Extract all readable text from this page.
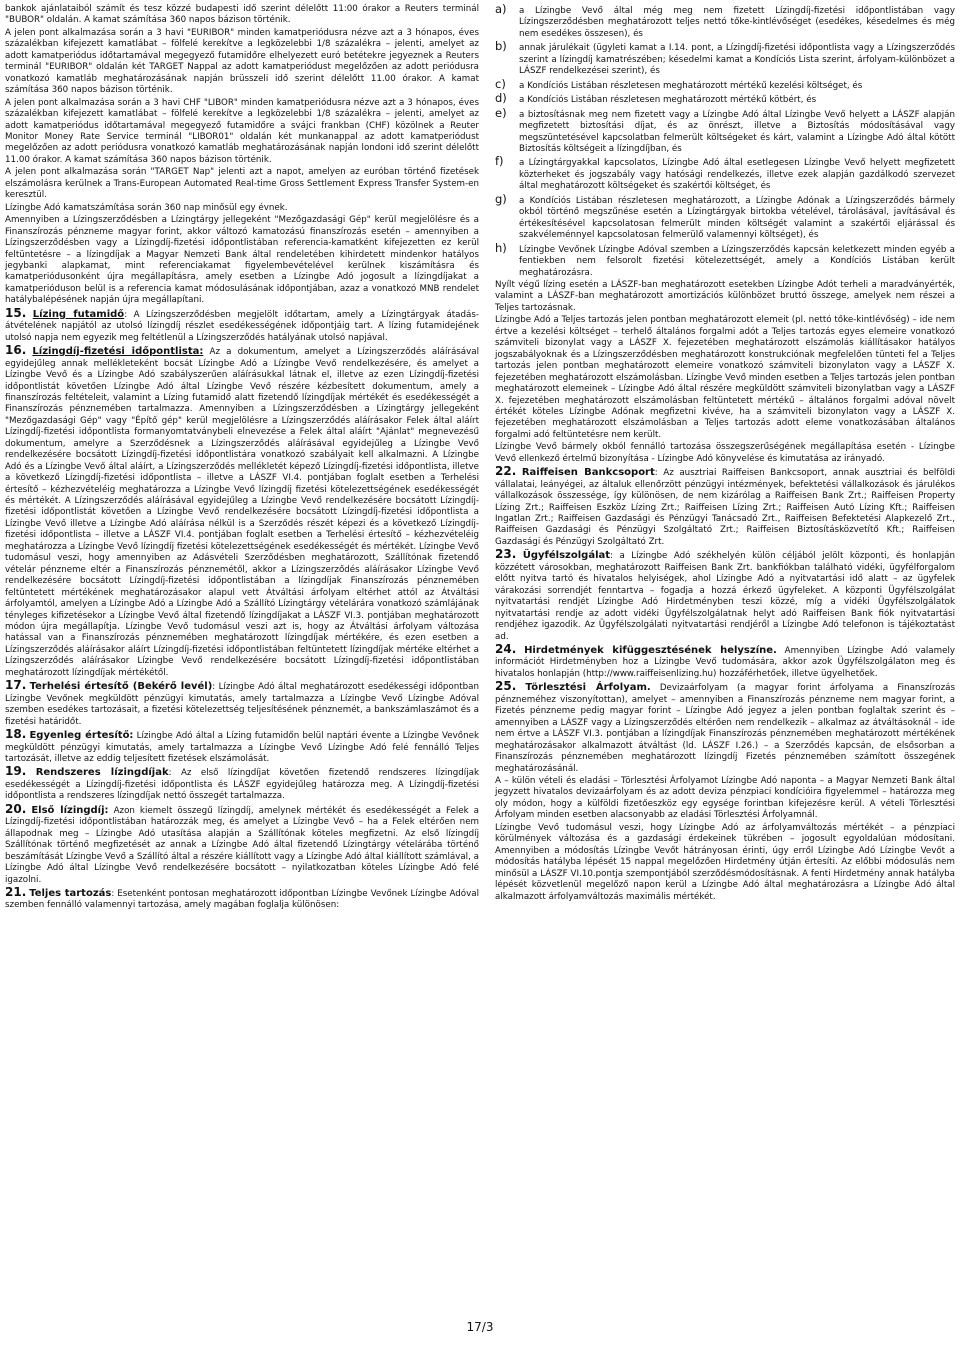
bankok ajánlataiból számít és tesz közzé budapesti idő szerint délelőtt 11:00 órakor a Reuters terminál "BUBOR" oldalán. A kamat számítása 360 napos bázison történik.

A jelen pont alkalmazása során a 3 havi "EURIBOR" minden kamatperiódusra nézve azt a 3 hónapos, éves százalékban kifejezett kamatlábat – fölfelé kerekítve a legközelebbi 1/8 százalékra – jelenti, amelyet az adott kamatperiódus időtartamával megegyező futamidőre elhelyezett euró betétekre jegyeznek a Reuters terminál "EURIBOR" oldalán két TARGET Nappal az adott kamatperiódust megelőzően az adott periódusra vonatkozó kamatláb meghatározásának napján brüsszeli idő szerint délelőtt 11.00 órakor. A kamat számítása 360 napos bázison történik.

A jelen pont alkalmazása során a 3 havi CHF "LIBOR" minden kamatperiódusra nézve azt a 3 hónapos, éves százalékban kifejezett kamatlábat – fölfelé kerekítve a legközelebbi 1/8 százalékra – jelenti, amelyet az adott kamatperiódus időtartamával megegyező futamidőre a svájci frankban (CHF) közölnek a Reuter Monitor Money Rate Service terminál "LIBOR01" oldalán két munkanappal az adott kamatperiódust megelőzően az adott periódusra vonatkozó kamatláb meghatározásának napján londoni idő szerint délelőtt 11.00 órakor. A kamat számítása 360 napos bázison történik.

A jelen pont alkalmazása során "TARGET Nap" jelenti azt a napot, amelyen az euróban történő fizetések elszámolásra kerülnek a Trans-European Automated Real-time Gross Settlement Express Transfer System-en keresztül.

Lízingbe Adó kamatszámítása során 360 nap minősül egy évnek.

Amennyiben a Lízingszerződésben a Lízingtárgy jellegeként "Mezőgazdasági Gép" kerül megjelölésre és a Finanszírozás pénzneme magyar forint, akkor változó kamatozású finanszírozás esetén – amennyiben a Lízingszerződésben vagy a Lízingdíj-fizetési időpontlistában referencia-kamatként kifejezetten ez kerül feltüntetésre – a lízingdíjak a Magyar Nemzeti Bank által rendeletében kihirdetett mindenkor hatályos jegybanki alapkamat, mint referenciakamat figyelembevételével kerülnek kiszámításra és kamatperiódusonként újra megállapításra, amely esetben a Lízingbe Adó jogosult a lízingdíjakat a kamatperióduson belül is a referencia kamat módosulásának időpontjában, azaz a vonatkozó MNB rendelet hatálybalépésének napján újra megállapítani.

15. Lízing futamidő: A Lízingszerződésben megjelölt időtartam, amely a Lízingtárgyak átadás-átvételének napjától az utolsó lízingdíj részlet esedékességének időpontjáig tart. A lízing futamidejének utolsó napja nem egyezik meg feltétlenül a Lízingszerződés hatályának utolsó napjával.

16. Lízingdíj-fizetési időpontlista: Az a dokumentum, amelyet a Lízingszerződés aláírásával egyidejűleg annak mellékleteként bocsát Lízingbe Adó a Lízingbe Vevő rendelkezésére, és amelyet a Lízingbe Vevő és a Lízingbe Adó szabályszerűen aláírásukkal látnak el, illetve az ezen Lízingdíj-fizetési időpontlistát követően Lízingbe Adó által Lízingbe Vevő részére kézbesített dokumentum, amely a finanszírozás feltételeit, valamint a Lízing futamidő alatt fizetendő lízingdíjak mértékét és esedékességét a Finanszírozás pénznemében tartalmazza. Amennyiben a Lízingszerződésben a Lízingtárgy jellegeként "Mezőgazdasági Gép" vagy "Építő gép" kerül megjelölésre a Lízingszerződés aláírásakor Felek által aláírt Lízingdíj-fizetési időpontlista formanyomtatványbeli elnevezése a Felek által aláírt "Ajánlat" megnevezésű dokumentum, amelyre a Szerződésnek a Lízingszerződés aláírásával egyidejűleg a Lízingbe Vevő rendelkezésére bocsátott Lízingdíj-fizetési időpontlistára vonatkozó szabályait kell alkalmazni. A Lízingbe Adó és a Lízingbe Vevő által aláírt, a Lízingszerződés mellékletét képező Lízingdíj-fizetési időpontlista, illetve a következő Lízingdíj-fizetési időpontlista – illetve a LÁSZF VI.4. pontjában foglalt esetben a Terhelési értesítő – kézhezvételéig meghatározza a Lízingbe Vevő lízingdíj fizetési kötelezettségének esedékességét és mértékét. A Lízingszerződés aláírásával egyidejűleg a Lízingbe Vevő rendelkezésére bocsátott Lízingdíj-fizetési időpontlistát követően a Lízingbe Vevő rendelkezésére bocsátott Lízingdíj-fizetési időpontlista a Lízingbe Vevő illetve a Lízingbe Adó aláírása nélkül is a Szerződés részét képezi és a következő Lízingdíj-fizetési időpontlista – illetve a LÁSZF VI.4. pontjában foglalt esetben a Terhelési értesítő – kézhezvételéig meghatározza a Lízingbe Vevő lízingdíj fizetési kötelezettségének esedékességét és mértékét. Lízingbe Vevő tudomásul veszi, hogy amennyiben az Adásvételi Szerződésben meghatározott, Szállítónak fizetendő vételár pénzneme eltér a Finanszírozás pénznemétől, akkor a Lízingszerződés aláírásakor Lízingbe Vevő rendelkezésére bocsátott Lízingdíj-fizetési időpontlistában a lízingdíjak Finanszírozás pénznemében feltüntetett mértékének meghatározásakor alapul vett Átváltási árfolyam eltérhet attól az Átváltási árfolyamtól, amelyen a Lízingbe Adó a Lízingbe Adó a Szállító Lízingtárgy vételárára vonatkozó számlájának tényleges kifizetésekor a Lízingbe Vevő által fizetendő lízingdíjakat a LÁSZF VI.3. pontjában meghatározott módon újra megállapítja. Lízingbe Vevő tudomásul veszi azt is, hogy az Átváltási árfolyam változása hatással van a Finanszírozás pénznemében meghatározott lízingdíjak mértékére, és ezen esetben a Lízingszerződés aláírásakor aláírt Lízingdíj-fizetési időpontlistában feltüntetett lízingdíjak mértéke eltérhet a Lízingszerződés aláírásakor Lízingbe Vevő rendelkezésére bocsátott Lízingdíj-fizetési időpontlistában meghatározott lízingdíjak mértékétől.

17. Terhelési értesítő (Bekérő levél): Lízingbe Adó által meghatározott esedékességi időpontban Lízingbe Vevőnek megküldött pénzügyi kimutatás, amely tartalmazza a Lízingbe Vevő Lízingbe Adóval szemben esedékes tartozásait, a fizetési kötelezettség teljesítésének pénznemét, a bankszámlaszámot és a fizetési határidőt.

18. Egyenleg értesítő: Lízingbe Adó által a Lízing futamidőn belül naptári évente a Lízingbe Vevőnek megküldött pénzügyi kimutatás, amely tartalmazza a Lízingbe Vevő Lízingbe Adó felé fennálló Teljes tartozását, illetve az eddig teljesített fizetések elszámolását.

19. Rendszeres lízingdíjak: Az első lízingdíjat követően fizetendő rendszeres lízingdíjak esedékességét a Lízingdíj-fizetési időpontlista és LÁSZF egyidejűleg határozza meg. A Lízingdíj-fizetési időpontlista a rendszeres lízingdíjak nettó összegét tartalmazza.

20. Első lízingdíj: Azon kiemelt összegű lízingdíj, amelynek mértékét és esedékességét a Felek a Lízingdíj-fizetési időpontlistában határozzák meg, és amelyet a Lízingbe Vevő – ha a Felek eltérően nem állapodnak meg – Lízingbe Adó utasítása alapján a Szállítónak köteles megfizetni. Az első lízingdíj Szállítónak történő megfizetését az annak a Lízingbe Adó által fizetendő Lízingtárgy vételárába történő beszámítását Lízingbe Vevő a Szállító által a részére kiállított vagy a Lízingbe Adó által kiállított számlával, a Lízingbe Adó által Lízingbe Vevő rendelkezésére bocsátott – nyilatkozatban köteles Lízingbe Adó felé igazolni.

21. Teljes tartozás: Esetenként pontosan meghatározott időpontban Lízingbe Vevőnek Lízingbe Adóval szemben fennálló valamennyi tartozása, amely magában foglalja különösen:

a) a Lízingbe Vevő által még meg nem fizetett Lízingdíj-fizetési időpontlistában vagy Lízingszerződésben meghatározott teljes nettó tőke-kintlévőséget (esedékes, késedelmes és még nem esedékes összesen), és

b) annak járulékait (ügyleti kamat a I.14. pont, a Lízingdíj-fizetési időpontlista vagy a Lízingszerződés szerint a lízingdíj kamatrészében; késedelmi kamat a Kondíciós Lista szerint, árfolyam-különbözet a LÁSZF rendelkezései szerint), és

c) a Kondíciós Listában részletesen meghatározott mértékű kezelési költséget, és

d) a Kondíciós Listában részletesen meghatározott mértékű kötbért, és

e) a biztosításnak meg nem fizetett vagy a Lízingbe Adó által Lízingbe Vevő helyett a LÁSZF alapján megfizetett biztosítási díjat, és az önrészt, illetve a Biztosítás módosításával vagy megszüntetésével kapcsolatban felmerült költségeket és kárt, valamint a Lízingbe Adó által kötött Biztosítás költségeit a lízingdíjban, és

f) a Lízingtárgyakkal kapcsolatos, Lízingbe Adó által esetlegesen Lízingbe Vevő helyett megfizetett közterheket és jogszabály vagy hatósági rendelkezés, illetve ezek alapján gazdálkodó szervezet által meghatározott költségeket és szakértői költséget, és

g) a Kondíciós Listában részletesen meghatározott, a Lízingbe Adónak a Lízingszerződés bármely okból történő megszűnése esetén a Lízingtárgyak birtokba vételével, tárolásával, javításával és értékesítésével kapcsolatosan felmerült minden költségét valamint a szakértői eljárással és szakvéleménnyel kapcsolatosan felmerülő valamennyi költséget), és

h) Lízingbe Vevőnek Lízingbe Adóval szemben a Lízingszerződés kapcsán keletkezett minden egyéb a fentiekben nem felsorolt fizetési kötelezettségét, amely a Kondíciós Listában került meghatározásra.

Nyílt végű lízing esetén a LÁSZF-ban meghatározott esetekben Lízingbe Adót terheli a maradványérték, valamint a LÁSZF-ban meghatározott amortizációs különbözet bruttó összege, amelyek nem részei a Teljes tartozásnak.

Lízingbe Adó a Teljes tartozás jelen pontban meghatározott elemeit (pl. nettó tőke-kintlévőség) – ide nem értve a kezelési költséget – terhelő általános forgalmi adót a Teljes tartozás egyes elemeire vonatkozó számviteli bizonylat vagy a LÁSZF X. fejezetében meghatározott elszámolás kiállításakor hatályos jogszabályoknak és a Lízingszerződésben meghatározott konstrukciónak megfelelően tünteti fel a Teljes tartozás jelen pontban meghatározott elemeire vonatkozó számviteli bizonylaton vagy a LÁSZF X. fejezetében meghatározott elszámolásban. Lízingbe Vevő minden esetben a Teljes tartozás jelen pontban meghatározott elemeinek – Lízingbe Adó által részére megküldött számviteli bizonylatban vagy a LÁSZF X. fejezetében meghatározott elszámolásban feltüntetett mértékű – általános forgalmi adóval növelt értékét köteles Lízingbe Adónak megfizetni kivéve, ha a számviteli bizonylaton vagy a LÁSZF X. fejezetében meghatározott elszámolásban a Teljes tartozás adott eleme vonatkozásában általános forgalmi adó feltüntetésre nem került.

Lízingbe Vevő bármely okból fennálló tartozása összegszerűségének megállapítása esetén - Lízingbe Vevő ellenkező értelmű bizonyítása - Lízingbe Adó könyvelése és kimutatása az irányadó.

22. Raiffeisen Bankcsoport: Az ausztriai Raiffeisen Bankcsoport, annak ausztriai és belföldi vállalatai, leányégei, az általuk ellenőrzött pénzügyi intézmények, befektetési vállalkozások és járulékos vállalkozások összessége, így különösen, de nem kizárólag a Raiffeisen Bank Zrt.; Raiffeisen Property Lízing Zrt.; Raiffeisen Eszköz Lízing Zrt.; Raiffeisen Lízing Zrt.; Raiffeisen Autó Lízing Kft.; Raiffeisen Ingatlan Zrt.; Raiffeisen Gazdasági és Pénzügyi Tanácsadó Zrt., Raiffeisen Befektetési Alapkezelő Zrt., Raiffeisen Gazdasági és Pénzügyi Szolgáltató Zrt.; Raiffeisen Biztosításközvetítő Kft.; Raiffeisen Gazdasági és Pénzügyi Szolgáltató Zrt.

23. Ügyfélszolgálat: a Lízingbe Adó székhelyén külön céljából jelölt központi, és honlapján közzétett városokban, meghatározott Raiffeisen Bank Zrt. bankfiókban található vidéki, ügyfélforgalom előtt nyitva tartó és hivatalos helyiségek, ahol Lízingbe Adó a nyitvatartási idő alatt – az ügyfelek várakozási sorrendjét fenntartva – fogadja a hozzá érkező ügyfeleket. A központi Ügyfélszolgálat nyitvatartási rendjét Lízingbe Adó Hirdetményben teszi közzé, míg a vidéki Ügyfélszolgálatok nyitvatartási rendje az adott vidéki Ügyfélszolgálatnak helyt adó Raiffeisen Bank fiók nyitvatartási rendjéhez igazodik. Az Ügyfélszolgálati nyitvatartási rendjéről a Lízingbe Adó telefonon is tájékoztatást ad.

24. Hirdetmények kifüggesztésének helyszíne. Amennyiben Lízingbe Adó valamely információt Hirdetményben hoz a Lízingbe Vevő tudomására, akkor azok Ügyfélszolgálaton meg és hivatalos honlapján (http://www.raiffeisenlizing.hu) hozzáférhetőek, illetve ügyelhetőek.

25. Törlesztési Árfolyam. Devizaárfolyam (a magyar forint árfolyama a Finanszírozás pénzneméhez viszonyítottan), amelyet – amennyiben a Finanszírozás pénzneme nem magyar forint, a Fizetés pénzneme pedig magyar forint – Lízingbe Adó jegyez a jelen pontban foglaltak szerint és – amennyiben a LÁSZF vagy a Lízingszerződés eltérően nem rendelkezik – alkalmaz az átváltásoknál – ide nem értve a LÁSZF VI.3. pontjában a lízingdíjak Finanszírozás pénznemében meghatározott mértékének meghatározásakor alkalmazott átváltást (ld. LÁSZF I.26.) – a Szerződés kapcsán, de elsősorban a Finanszírozás pénznemében meghatározott lízingdíj Fizetés pénznemében számított összegének meghatározásánál.

A – külön vételi és eladási – Törlesztési Árfolyamot Lízingbe Adó naponta – a Magyar Nemzeti Bank által jegyzett hivatalos devizaárfolyam és az adott deviza pénzpiaci kondícióira figyelemmel – határozza meg oly módon, hogy a külföldi fizetőeszköz egy egysége forintban kifejezésre kerül. A vételi Törlesztési Árfolyam minden esetben alacsonyabb az eladási Törlesztési Árfolyamnál.

Lízingbe Vevő tudomásul veszi, hogy Lízingbe Adó az árfolyamváltozás mértékét – a pénzpiaci körülmények változása és a gazdasági érdekeinek tükrében – jogosult egyoldalúan módosítani. Amennyiben a módosítás Lízingbe Vevőt hátrányosan érinti, úgy erről Lízingbe Adó Lízingbe Vevőt a módosítás hatályba lépését 15 nappal megelőzően Hirdetmény útján értesíti. Az előbbi módosulás nem minősül a LÁSZF VI.10.pontja szempontjából szerződésmódosításnak. A fenti Hirdetmény annak hatályba lépését közvetlenül megelőző napon kerül a Lízingbe Adó által meghatározásra a Lízingbe Adó által alkalmazott árfolyamváltozás maximális mértékét.

17/3
